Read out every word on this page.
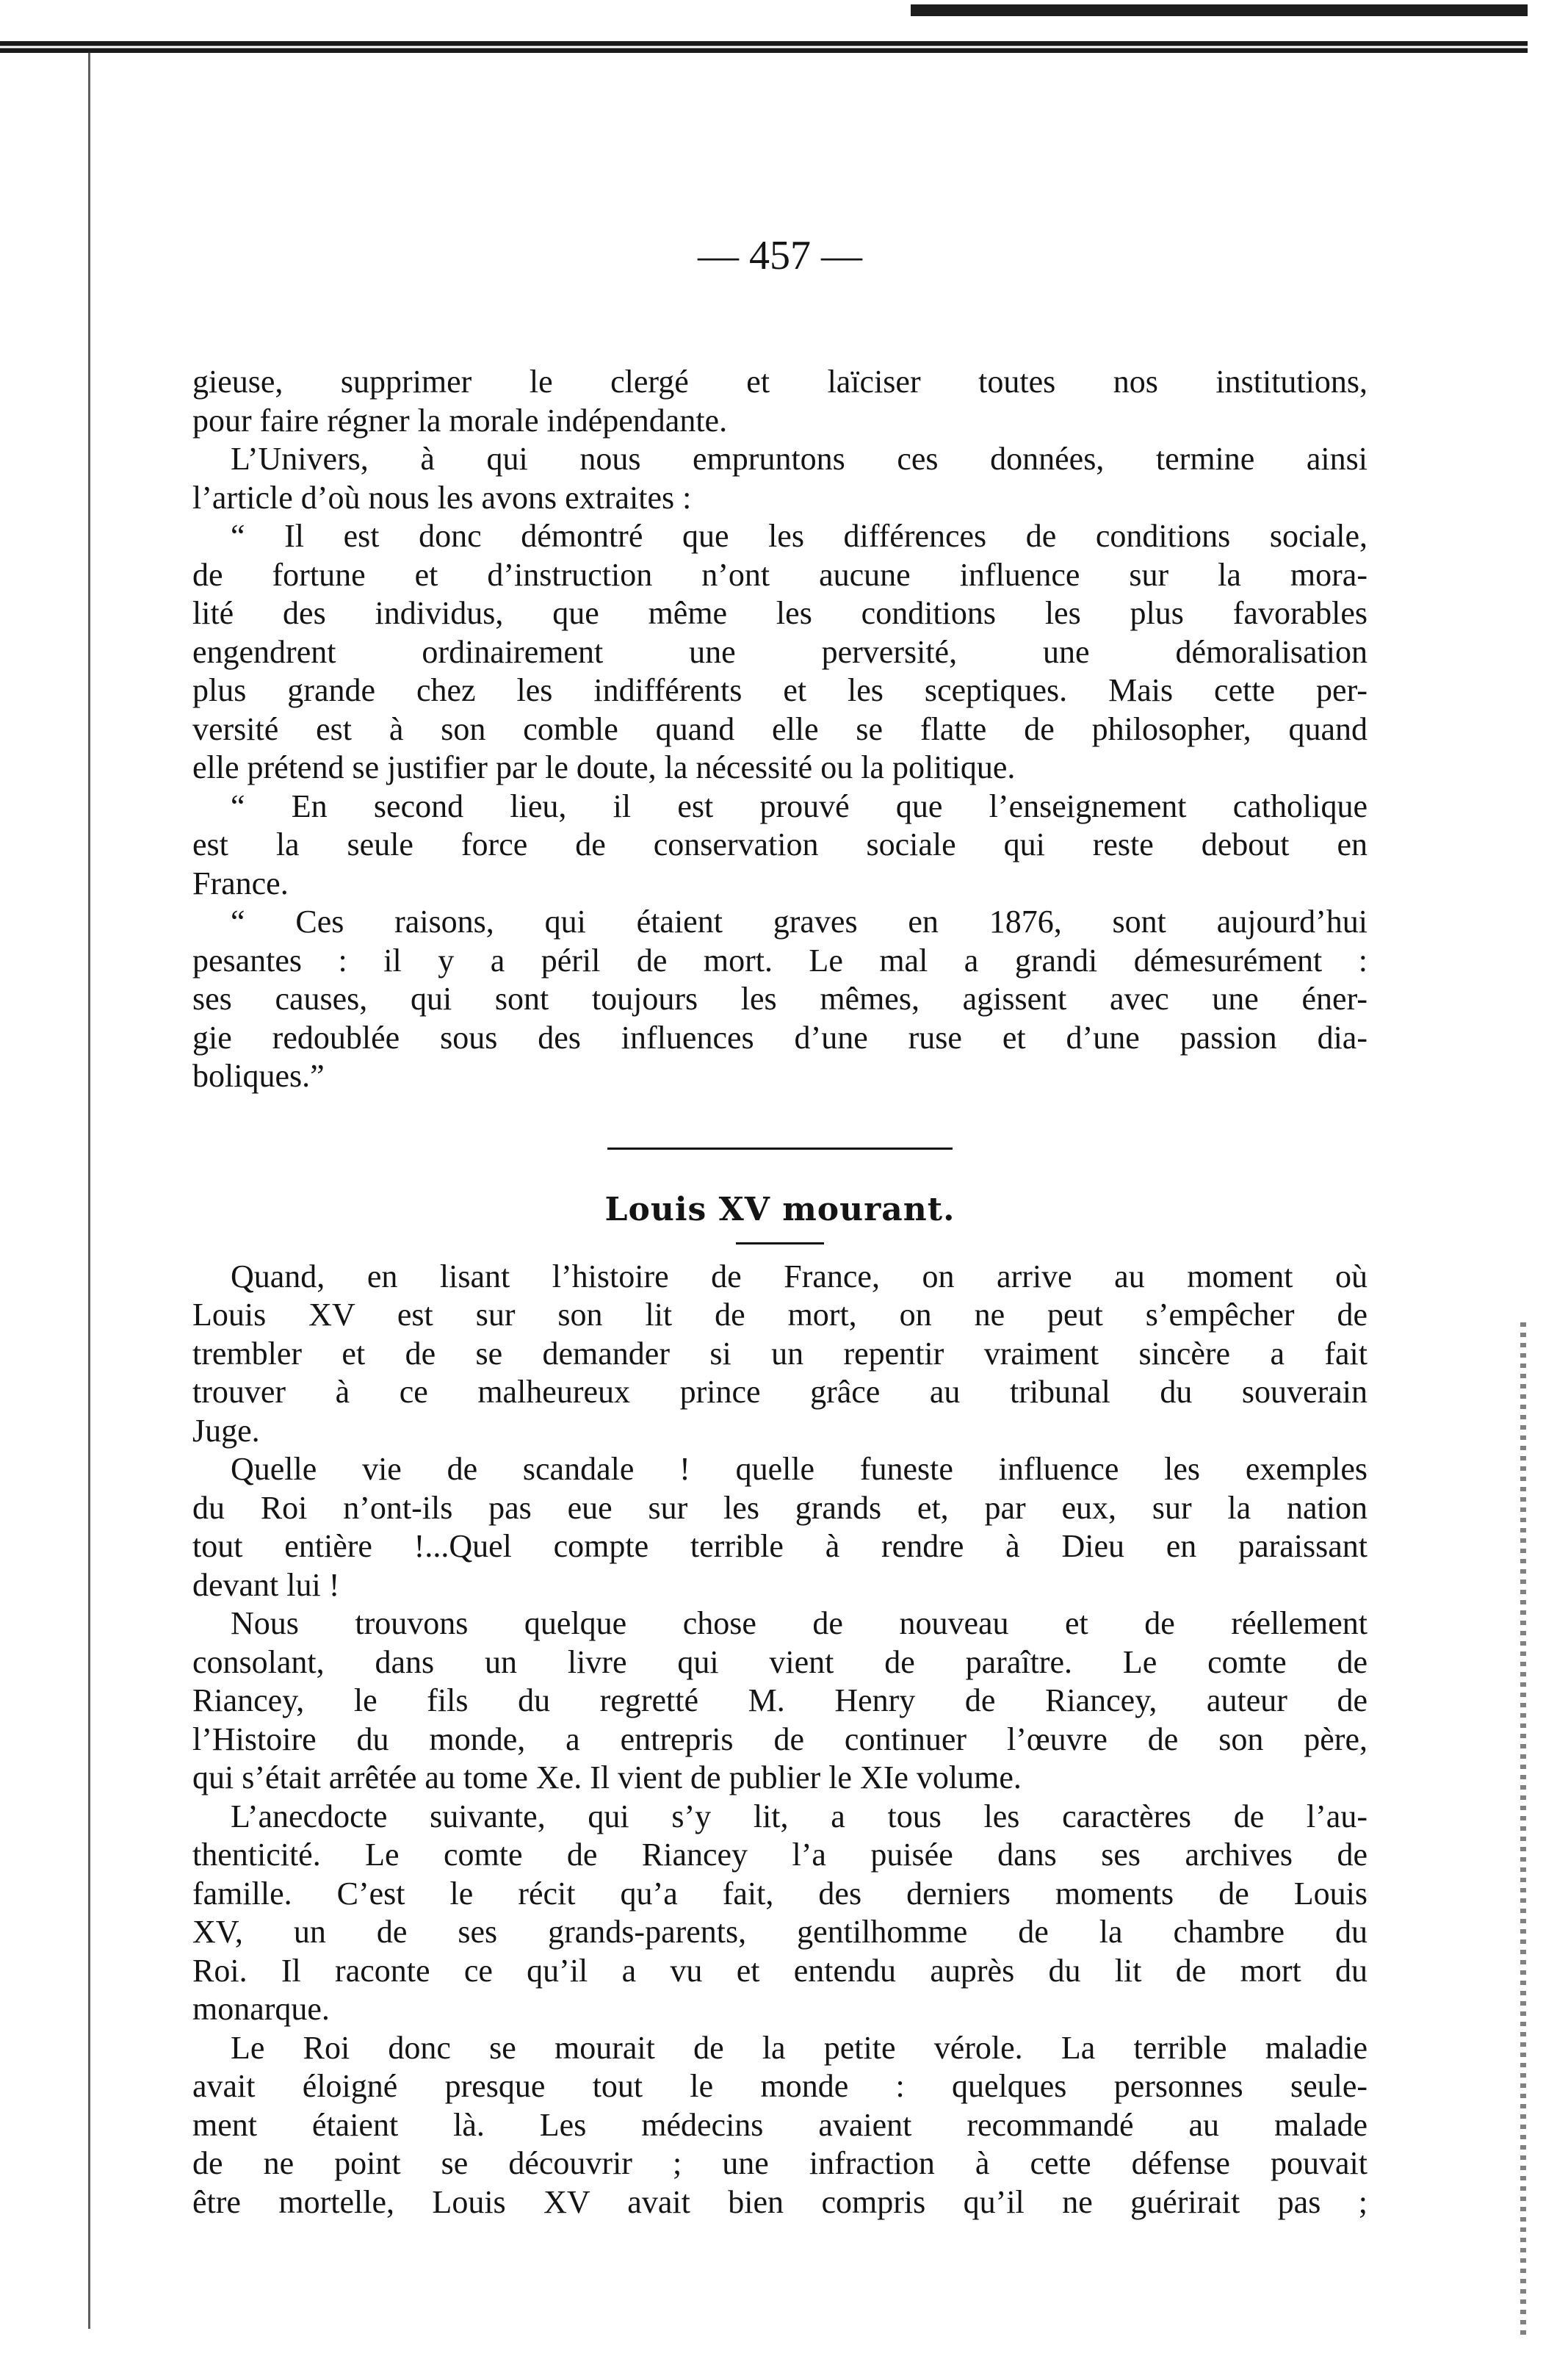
— 457 —
gieuse, supprimer le clergé et laïciser toutes nos institutions,
pour faire régner la morale indépendante.
L’Univers, à qui nous empruntons ces données, termine ainsi
l’article d’où nous les avons extraites :
“ Il est donc démontré que les différences de conditions sociale,
de fortune et d’instruction n’ont aucune influence sur la mora-
lité des individus, que même les conditions les plus favorables
engendrent ordinairement une perversité, une démoralisation
plus grande chez les indifférents et les sceptiques. Mais cette per-
versité est à son comble quand elle se flatte de philosopher, quand
elle prétend se justifier par le doute, la nécessité ou la politique.
“ En second lieu, il est prouvé que l’enseignement catholique
est la seule force de conservation sociale qui reste debout en
France.
“ Ces raisons, qui étaient graves en 1876, sont aujourd’hui
pesantes : il y a péril de mort. Le mal a grandi démesurément :
ses causes, qui sont toujours les mêmes, agissent avec une éner-
gie redoublée sous des influences d’une ruse et d’une passion dia-
boliques.”
Louis XV mourant.
Quand, en lisant l’histoire de France, on arrive au moment où
Louis XV est sur son lit de mort, on ne peut s’empêcher de
trembler et de se demander si un repentir vraiment sincère a fait
trouver à ce malheureux prince grâce au tribunal du souverain
Juge.
Quelle vie de scandale ! quelle funeste influence les exemples
du Roi n’ont-ils pas eue sur les grands et, par eux, sur la nation
tout entière !...Quel compte terrible à rendre à Dieu en paraissant
devant lui !
Nous trouvons quelque chose de nouveau et de réellement
consolant, dans un livre qui vient de paraître. Le comte de
Riancey, le fils du regretté M. Henry de Riancey, auteur de
l’Histoire du monde, a entrepris de continuer l’œuvre de son père,
qui s’était arrêtée au tome Xe. Il vient de publier le XIe volume.
L’anecdocte suivante, qui s’y lit, a tous les caractères de l’au-
thenticité. Le comte de Riancey l’a puisée dans ses archives de
famille. C’est le récit qu’a fait, des derniers moments de Louis
XV, un de ses grands-parents, gentilhomme de la chambre du
Roi. Il raconte ce qu’il a vu et entendu auprès du lit de mort du
monarque.
Le Roi donc se mourait de la petite vérole. La terrible maladie
avait éloigné presque tout le monde : quelques personnes seule-
ment étaient là. Les médecins avaient recommandé au malade
de ne point se découvrir ; une infraction à cette défense pouvait
être mortelle, Louis XV avait bien compris qu’il ne guérirait pas ;
